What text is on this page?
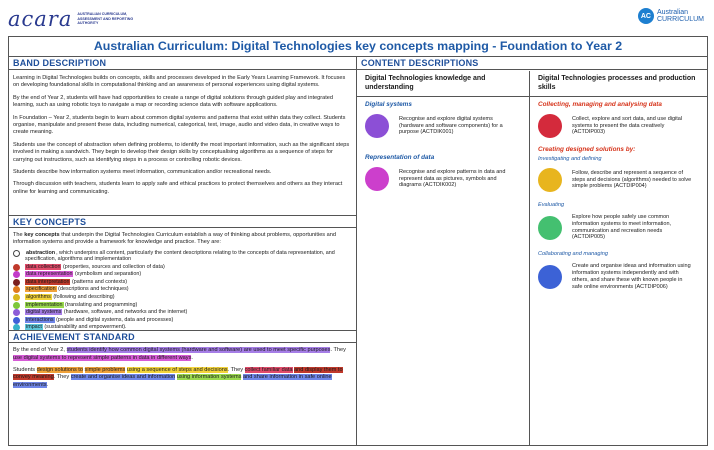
acara AUSTRALIAN CURRICULUM, ASSESSMENT AND REPORTING AUTHORITY
AC
Australian
CURRICULUM
Australian Curriculum: Digital Technologies key concepts mapping - Foundation to Year 2
BAND DESCRIPTION

Learning in Digital Technologies builds on concepts, skills and processes developed in the Early Years Learning Framework. It focuses on developing foundational skills in computational thinking and an awareness of personal experiences using digital systems.

By the end of Year 2, students will have had opportunities to create a range of digital solutions through guided play and integrated learning, such as using robotic toys to navigate a map or recording science data with software applications.

In Foundation – Year 2, students begin to learn about common digital systems and patterns that exist within data they collect. Students organise, manipulate and present these data, including numerical, categorical, text, image, audio and video data, in creative ways to create meaning.

Students use the concept of abstraction when defining problems, to identify the most important information, such as the significant steps involved in making a sandwich. They begin to develop their design skills by conceptualising algorithms as a sequence of steps for carrying out instructions, such as identifying steps in a process or controlling robotic devices.

Students describe how information systems meet information, communication and/or recreational needs.

Through discussion with teachers, students learn to apply safe and ethical practices to protect themselves and others as they interact online for learning and communicating.

KEY CONCEPTS
The key concepts that underpin the Digital Technologies Curriculum establish a way of thinking about problems, opportunities and information systems and provide a framework for knowledge and practice. They are:
abstraction, which underpins all content, particularly the content descriptions relating to the concepts of data representation, and specification, algorithms and implementation
data collection (properties, sources and collection of data)
data representation (symbolism and separation)
data interpretation (patterns and contexts)
specification (descriptions and techniques)
algorithms (following and describing)
implementation (translating and programming)
digital systems (hardware, software, and networks and the internet)
interactions (people and digital systems, data and processes)
impact (sustainability and empowerment).
ACHIEVEMENT STANDARD

By the end of Year 2, students identify how common digital systems (hardware and software) are used to meet specific purposes. They use digital systems to represent simple patterns in data in different ways.

Students design solutions to simple problems using a sequence of steps and decisions. They collect familiar data and display them to convey meaning. They create and organise ideas and information using information systems and share information in safe online environments.

CONTENT DESCRIPTIONS
Digital Technologies knowledge and understanding
Digital Technologies processes and production skills
Digital systems
Recognise and explore digital systems (hardware and software components) for a purpose (ACTDIK001)
Representation of data
Recognise and explore patterns in data and represent data as pictures, symbols and diagrams (ACTDIK002)
Collecting, managing and analysing data
Collect, explore and sort data, and use digital systems to present the data creatively (ACTDIP003)
Creating designed solutions by:
Investigating and defining
Follow, describe and represent a sequence of steps and decisions (algorithms) needed to solve simple problems (ACTDIP004)
Evaluating
Explore how people safely use common information systems to meet information, communication and recreation needs (ACTDIP005)
Collaborating and managing
Create and organise ideas and information using information systems independently and with others, and share these with known people in safe online environments (ACTDIP006)
